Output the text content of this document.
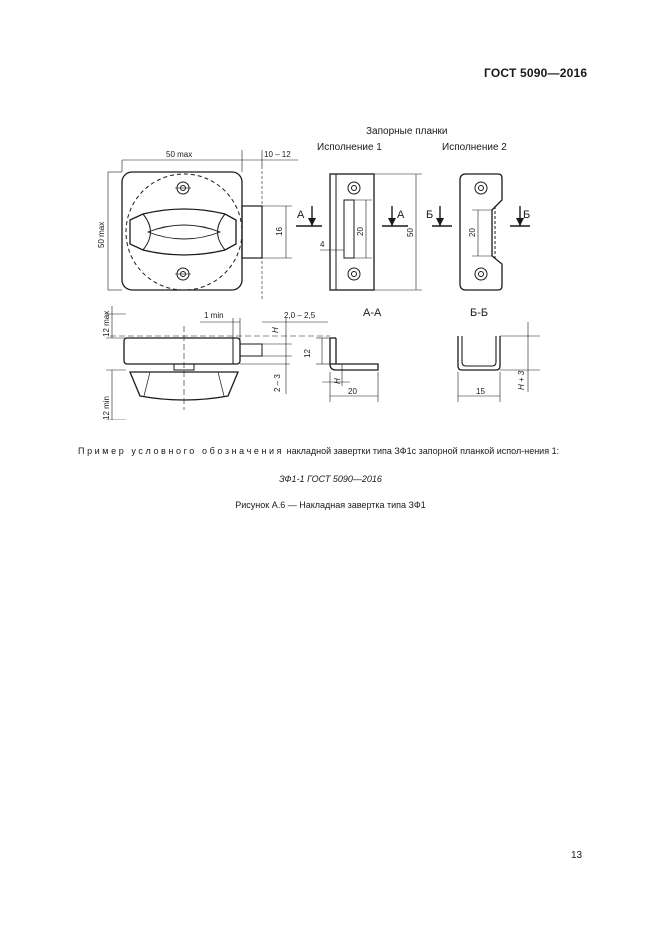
ГОСТ 5090—2016
Запорные планки
Исполнение 1	Исполнение 2
А-А	Б-Б
А	А Б	Б
50 max	10 – 12
50 max	16
4
20	50	20
12 max	1 min	2,0 – 2,5
H
12
2 – 3
12 min
H
20
H + 3
15
Пример условного обозначения накладной завертки типа ЗФ1с запорной планкой испол-нения 1:
ЗФ1-1 ГОСТ 5090—2016
Рисунок А.6 — Накладная завертка типа ЗФ1
13
